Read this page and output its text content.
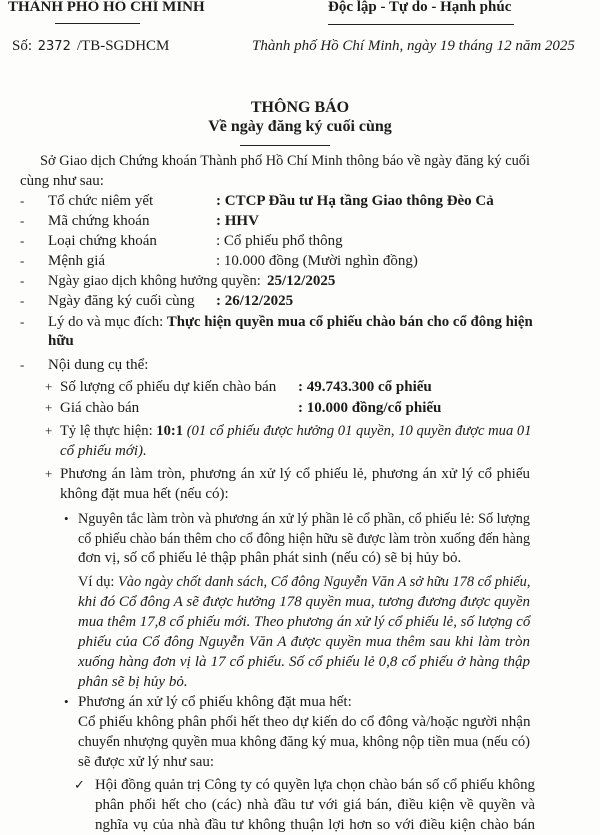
THÀNH PHỐ HỒ CHÍ MINH	Độc lập - Tự do - Hạnh phúc
Số: 2372 /TB-SGDHCM	Thành phố Hồ Chí Minh, ngày 19 tháng 12 năm 2025
THÔNG BÁO
Về ngày đăng ký cuối cùng
Sở Giao dịch Chứng khoán Thành phố Hồ Chí Minh thông báo về ngày đăng ký cuối
cùng như sau:
- Tổ chức niêm yết	: CTCP Đầu tư Hạ tầng Giao thông Đèo Cả
- Mã chứng khoán	: HHV
- Loại chứng khoán	: Cổ phiếu phổ thông
- Mệnh giá	: 10.000 đồng (Mười nghìn đồng)
- Ngày giao dịch không hưởng quyền: 25/12/2025
- Ngày đăng ký cuối cùng : 26/12/2025
- Lý do và mục đích: Thực hiện quyền mua cổ phiếu chào bán cho cổ đông hiện
hữu
- Nội dung cụ thể:
+ Số lượng cổ phiếu dự kiến chào bán : 49.743.300 cổ phiếu
+ Giá chào bán	: 10.000 đồng/cổ phiếu
+ Tỷ lệ thực hiện: 10:1 (01 cổ phiếu được hưởng 01 quyền, 10 quyền được mua 01
cổ phiếu mới).
+ Phương án làm tròn, phương án xử lý cổ phiếu lẻ, phương án xử lý cổ phiếu
không đặt mua hết (nếu có):
• Nguyên tắc làm tròn và phương án xử lý phần lẻ cổ phần, cổ phiếu lẻ: Số lượng
cổ phiếu chào bán thêm cho cổ đông hiện hữu sẽ được làm tròn xuống đến hàng
đơn vị, số cổ phiếu lẻ thập phân phát sinh (nếu có) sẽ bị hủy bỏ.
Ví dụ: Vào ngày chốt danh sách, Cổ đông Nguyễn Văn A sở hữu 178 cổ phiếu,
khi đó Cổ đông A sẽ được hưởng 178 quyền mua, tương đương được quyền
mua thêm 17,8 cổ phiếu mới. Theo phương án xử lý cổ phiếu lẻ, số lượng cổ
phiếu của Cổ đông Nguyễn Văn A được quyền mua thêm sau khi làm tròn
xuống hàng đơn vị là 17 cổ phiếu. Số cổ phiếu lẻ 0,8 cổ phiếu ở hàng thập
phân sẽ bị hủy bỏ.
• Phương án xử lý cổ phiếu không đặt mua hết:
Cổ phiếu không phân phối hết theo dự kiến do cổ đông và/hoặc người nhận
chuyển nhượng quyền mua không đăng ký mua, không nộp tiền mua (nếu có)
sẽ được xử lý như sau:
✓ Hội đồng quản trị Công ty có quyền lựa chọn chào bán số cổ phiếu không
phân phối hết cho (các) nhà đầu tư với giá bán, điều kiện về quyền và
nghĩa vụ của nhà đầu tư không thuận lợi hơn so với điều kiện chào bán
